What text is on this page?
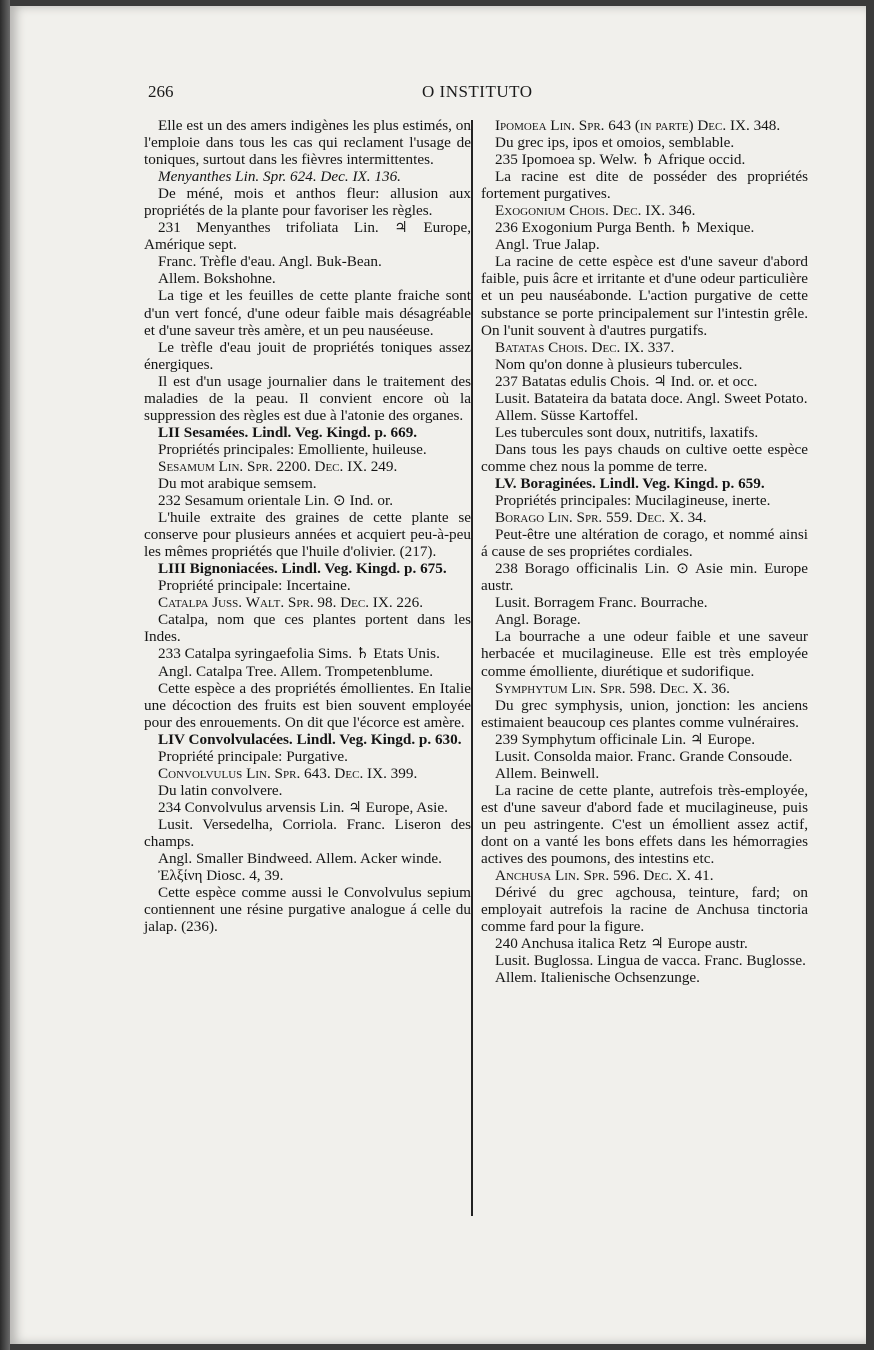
266	O INSTITUTO

Elle est un des amers indigènes les plus estimés, on l'emploie dans tous les cas qui reclament l'usage de toniques, surtout dans les fièvres intermittentes.

Menyanthes Lin. Spr. 624. Dec. IX. 136.

De méné, mois et anthos fleur: allusion aux propriétés de la plante pour favoriser les règles.

231 Menyanthes trifoliata Lin. ♃ Europe, Amérique sept.

Franc. Trèfle d'eau. Angl. Buk-Bean.

Allem. Bokshohne.

La tige et les feuilles de cette plante fraiche sont d'un vert foncé, d'une odeur faible mais désagréable et d'une saveur très amère, et un peu nauséeuse.

Le trèfle d'eau jouit de propriétés toniques assez énergiques.

Il est d'un usage journalier dans le traitement des maladies de la peau. Il convient encore où la suppression des règles est due à l'atonie des organes.

LII Sesamées. Lindl. Veg. Kingd. p. 669.

Propriétés principales: Emolliente, huileuse.

Sesamum Lin. Spr. 2200. Dec. IX. 249.

Du mot arabique semsem.

232 Sesamum orientale Lin. ⊙ Ind. or.

L'huile extraite des graines de cette plante se conserve pour plusieurs années et acquiert peu-à-peu les mêmes propriétés que l'huile d'olivier. (217).

LIII Bignoniacées. Lindl. Veg. Kingd. p. 675.

Propriété principale: Incertaine.

Catalpa Juss. Walt. Spr. 98. Dec. IX. 226.

Catalpa, nom que ces plantes portent dans les Indes.

233 Catalpa syringaefolia Sims. ♄ Etats Unis.

Angl. Catalpa Tree. Allem. Trompetenblume.

Cette espèce a des propriétés émollientes. En Italie une décoction des fruits est bien souvent employée pour des enrouements. On dit que l'écorce est amère.

LIV Convolvulacées. Lindl. Veg. Kingd. p. 630.

Propriété principale: Purgative.

Convolvulus Lin. Spr. 643. Dec. IX. 399.

Du latin convolvere.

234 Convolvulus arvensis Lin. ♃ Europe, Asie.

Lusit. Versedelha, Corriola. Franc. Liseron des champs.

Angl. Smaller Bindweed. Allem. Acker winde.

Ἐλξίνη Diosc. 4, 39.

Cette espèce comme aussi le Convolvulus sepium contiennent une résine purgative analogue á celle du jalap. (236).

Ipomoea Lin. Spr. 643 (in parte) Dec. IX. 348.

Du grec ips, ipos et omoios, semblable.

235 Ipomoea sp. Welw. ♄ Afrique occid.

La racine est dite de posséder des propriétés fortement purgatives.

Exogonium Chois. Dec. IX. 346.

236 Exogonium Purga Benth. ♄ Mexique.

Angl. True Jalap.

La racine de cette espèce est d'une saveur d'abord faible, puis âcre et irritante et d'une odeur particulière et un peu nauséabonde. L'action purgative de cette substance se porte principalement sur l'intestin grêle. On l'unit souvent à d'autres purgatifs.

Batatas Chois. Dec. IX. 337.

Nom qu'on donne à plusieurs tubercules.

237 Batatas edulis Chois. ♃ Ind. or. et occ.

Lusit. Batateira da batata doce. Angl. Sweet Potato.

Allem. Süsse Kartoffel.

Les tubercules sont doux, nutritifs, laxatifs.

Dans tous les pays chauds on cultive oette espèce comme chez nous la pomme de terre.

LV. Boraginées. Lindl. Veg. Kingd. p. 659.

Propriétés principales: Mucilagineuse, inerte.

Borago Lin. Spr. 559. Dec. X. 34.

Peut-être une altération de corago, et nommé ainsi á cause de ses propriétes cordiales.

238 Borago officinalis Lin. ⊙ Asie min. Europe austr.

Lusit. Borragem Franc. Bourrache.

Angl. Borage.

La bourrache a une odeur faible et une saveur herbacée et mucilagineuse. Elle est très employée comme émolliente, diurétique et sudorifique.

Symphytum Lin. Spr. 598. Dec. X. 36.

Du grec symphysis, union, jonction: les anciens estimaient beaucoup ces plantes comme vulnéraires.

239 Symphytum officinale Lin. ♃ Europe.

Lusit. Consolda maior. Franc. Grande Consoude.

Allem. Beinwell.

La racine de cette plante, autrefois très-employée, est d'une saveur d'abord fade et mucilagineuse, puis un peu astringente. C'est un émollient assez actif, dont on a vanté les bons effets dans les hémorragies actives des poumons, des intestins etc.

Anchusa Lin. Spr. 596. Dec. X. 41.

Dérivé du grec agchousa, teinture, fard; on employait autrefois la racine de Anchusa tinctoria comme fard pour la figure.

240 Anchusa italica Retz ♃ Europe austr.

Lusit. Buglossa. Lingua de vacca. Franc. Buglosse.

Allem. Italienische Ochsenzunge.
